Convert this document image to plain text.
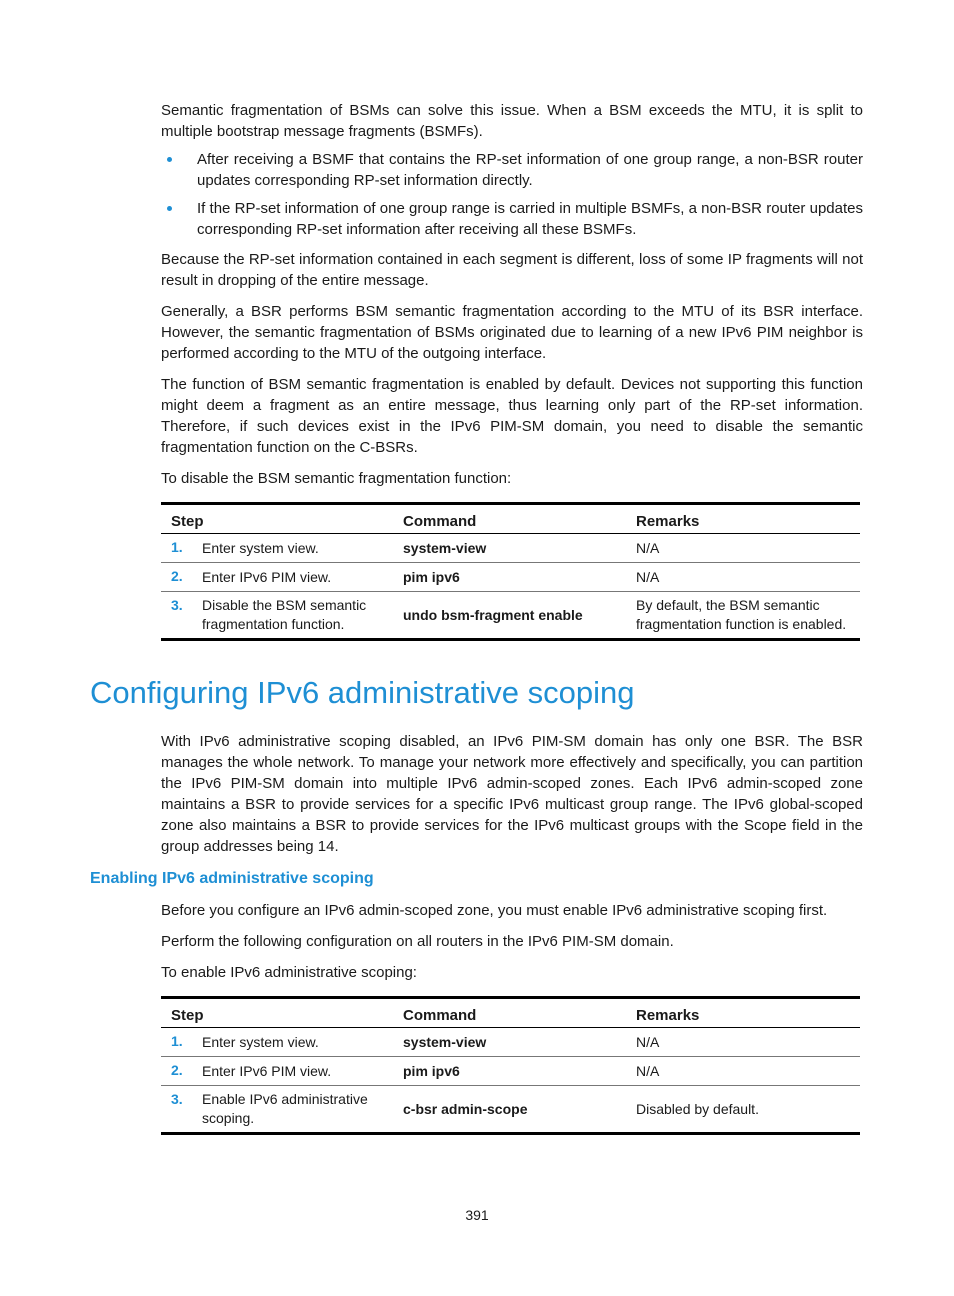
Semantic fragmentation of BSMs can solve this issue. When a BSM exceeds the MTU, it is split to multiple bootstrap message fragments (BSMFs).

After receiving a BSMF that contains the RP-set information of one group range, a non-BSR router updates corresponding RP-set information directly.
If the RP-set information of one group range is carried in multiple BSMFs, a non-BSR router updates corresponding RP-set information after receiving all these BSMFs.

Because the RP-set information contained in each segment is different, loss of some IP fragments will not result in dropping of the entire message.

Generally, a BSR performs BSM semantic fragmentation according to the MTU of its BSR interface. However, the semantic fragmentation of BSMs originated due to learning of a new IPv6 PIM neighbor is performed according to the MTU of the outgoing interface.

The function of BSM semantic fragmentation is enabled by default. Devices not supporting this function might deem a fragment as an entire message, thus learning only part of the RP-set information. Therefore, if such devices exist in the IPv6 PIM-SM domain, you need to disable the semantic fragmentation function on the C-BSRs.

To disable the BSM semantic fragmentation function:

Step	Command	Remarks

1. Enter system view.	system-view	N/A

2. Enter IPv6 PIM view.	pim ipv6	N/A

3. Disable the BSM semantic fragmentation function.	undo bsm-fragment enable	By default, the BSM semantic fragmentation function is enabled.
Configuring IPv6 administrative scoping

With IPv6 administrative scoping disabled, an IPv6 PIM-SM domain has only one BSR. The BSR manages the whole network. To manage your network more effectively and specifically, you can partition the IPv6 PIM-SM domain into multiple IPv6 admin-scoped zones. Each IPv6 admin-scoped zone maintains a BSR to provide services for a specific IPv6 multicast group range. The IPv6 global-scoped zone also maintains a BSR to provide services for the IPv6 multicast groups with the Scope field in the group addresses being 14.

Enabling IPv6 administrative scoping

Before you configure an IPv6 admin-scoped zone, you must enable IPv6 administrative scoping first.

Perform the following configuration on all routers in the IPv6 PIM-SM domain.

To enable IPv6 administrative scoping:

Step	Command	Remarks

1. Enter system view.	system-view	N/A

2. Enter IPv6 PIM view.	pim ipv6	N/A

3. Enable IPv6 administrative scoping.	c-bsr admin-scope	Disabled by default.
391
